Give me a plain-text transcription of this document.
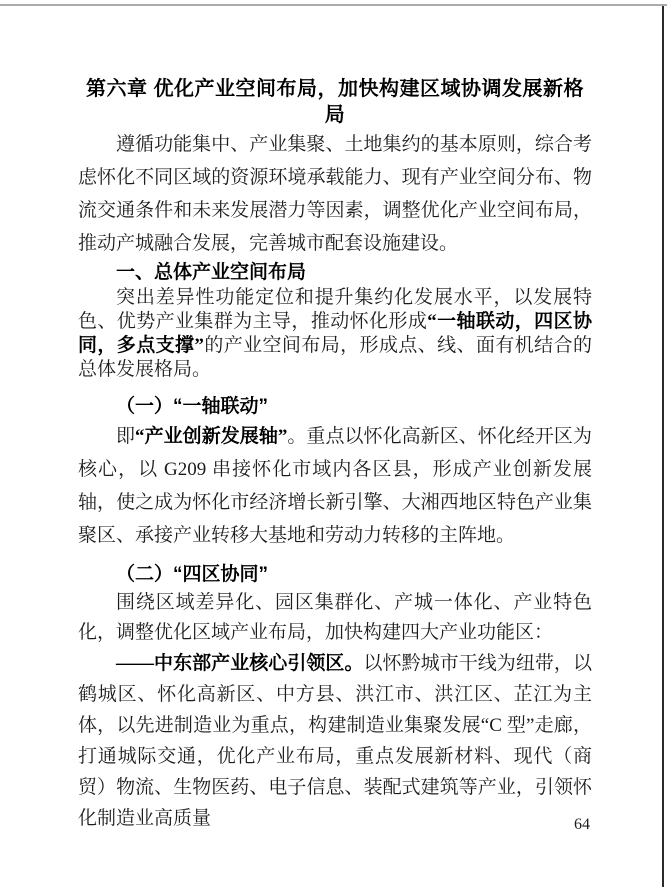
第六章 优化产业空间布局，加快构建区域协调发展新格局

遵循功能集中、产业集聚、土地集约的基本原则，综合考虑怀化不同区域的资源环境承载能力、现有产业空间分布、物流交通条件和未来发展潜力等因素，调整优化产业空间布局，推动产城融合发展，完善城市配套设施建设。

一、总体产业空间布局

突出差异性功能定位和提升集约化发展水平，以发展特色、优势产业集群为主导，推动怀化形成“一轴联动，四区协同，多点支撑”的产业空间布局，形成点、线、面有机结合的总体发展格局。

（一）“一轴联动”

即“产业创新发展轴”。重点以怀化高新区、怀化经开区为核心，以 G209 串接怀化市域内各区县，形成产业创新发展轴，使之成为怀化市经济增长新引擎、大湘西地区特色产业集聚区、承接产业转移大基地和劳动力转移的主阵地。

（二）“四区协同”

围绕区域差异化、园区集群化、产城一体化、产业特色化，调整优化区域产业布局，加快构建四大产业功能区：

——中东部产业核心引领区。以怀黔城市干线为纽带，以鹤城区、怀化高新区、中方县、洪江市、洪江区、芷江为主体，以先进制造业为重点，构建制造业集聚发展“C 型”走廊，打通城际交通，优化产业布局，重点发展新材料、现代（商贸）物流、生物医药、电子信息、装配式建筑等产业，引领怀化制造业高质量	64
